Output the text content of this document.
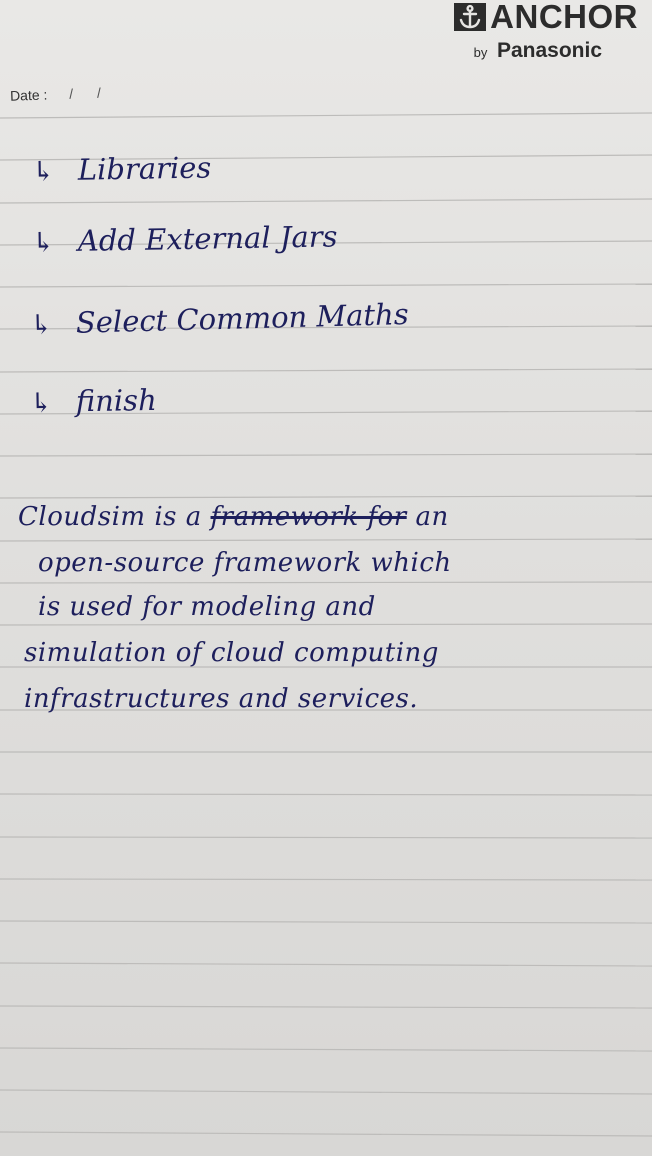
ANCHOR
by Panasonic
Date : / /
↳ Libraries
↳ Add External Jars
↳ Select Common Maths
↳ finish
Cloudsim is a framework for an
open-source framework which
is used for modeling and
simulation of cloud computing
infrastructures and services.
